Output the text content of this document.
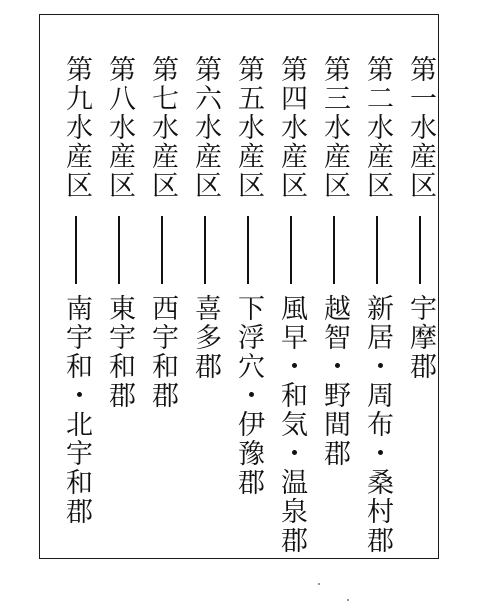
第一水産区
宇摩郡
第二水産区
新居・周布・桑村郡
第三水産区
越智・野間郡
第四水産区
風早・和気・温泉郡
第五水産区
下浮穴・伊豫郡
第六水産区
喜多郡
第七水産区
西宇和郡
第八水産区
東宇和郡
第九水産区
南宇和・北宇和郡
